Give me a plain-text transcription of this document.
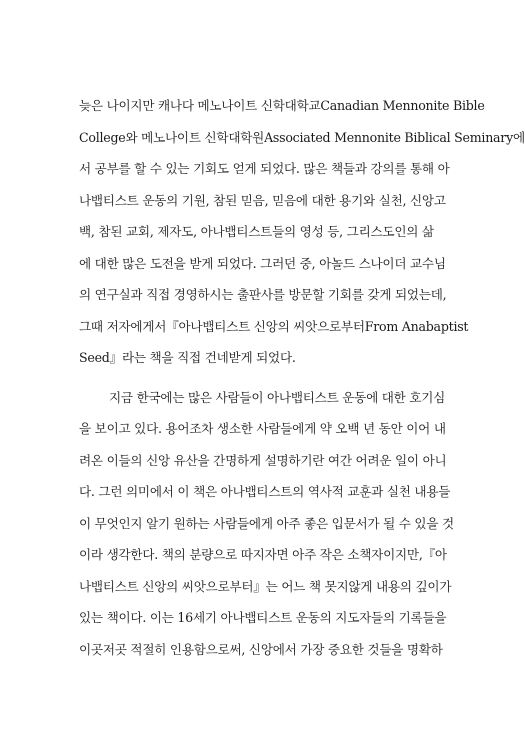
늦은 나이지만 캐나다 메노나이트 신학대학교Canadian Mennonite Bible
College와 메노나이트 신학대학원Associated Mennonite Biblical Seminary에
서 공부를 할 수 있는 기회도 얻게 되었다. 많은 책들과 강의를 통해 아
나뱁티스트 운동의 기원, 참된 믿음, 믿음에 대한 용기와 실천, 신앙고
백, 참된 교회, 제자도, 아나뱁티스트들의 영성 등, 그리스도인의 삶
에 대한 많은 도전을 받게 되었다. 그러던 중, 아놀드 스나이더 교수님
의 연구실과 직접 경영하시는 출판사를 방문할 기회를 갖게 되었는데,
그때 저자에게서『아나뱁티스트 신앙의 씨앗으로부터From Anabaptist
Seed』라는 책을 직접 건네받게 되었다.
지금 한국에는 많은 사람들이 아나뱁티스트 운동에 대한 호기심
을 보이고 있다. 용어조차 생소한 사람들에게 약 오백 년 동안 이어 내
려온 이들의 신앙 유산을 간명하게 설명하기란 여간 어려운 일이 아니
다. 그런 의미에서 이 책은 아나뱁티스트의 역사적 교훈과 실천 내용들
이 무엇인지 알기 원하는 사람들에게 아주 좋은 입문서가 될 수 있을 것
이라 생각한다. 책의 분량으로 따지자면 아주 작은 소책자이지만,『아
나뱁티스트 신앙의 씨앗으로부터』는 어느 책 못지않게 내용의 깊이가
있는 책이다. 이는 16세기 아나뱁티스트 운동의 지도자들의 기록들을
이곳저곳 적절히 인용함으로써, 신앙에서 가장 중요한 것들을 명확하
